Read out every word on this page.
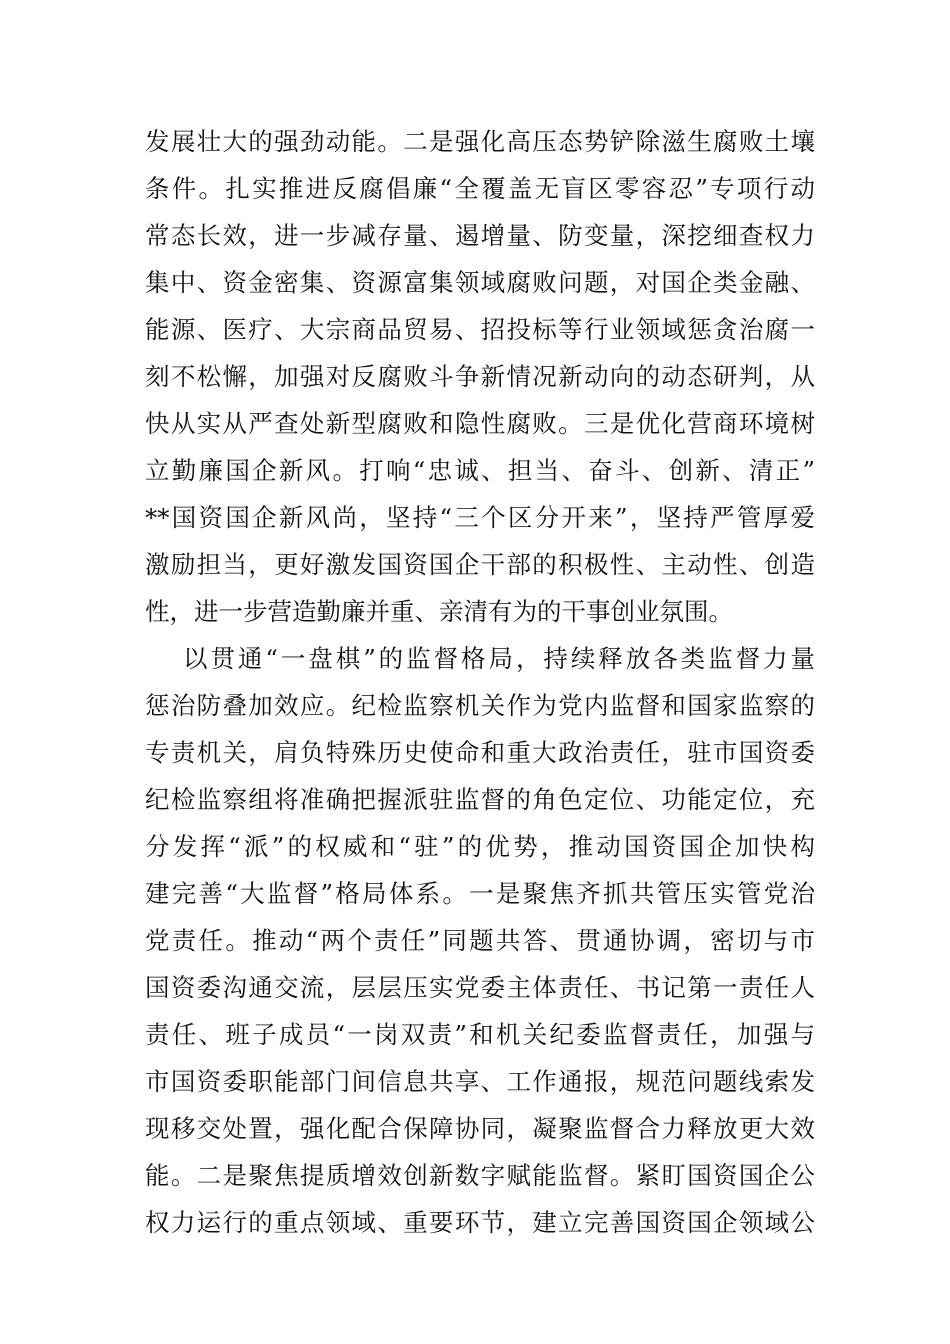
发展壮大的强劲动能。二是强化高压态势铲除滋生腐败土壤
条件。扎实推进反腐倡廉“全覆盖无盲区零容忍”专项行动
常态长效，进一步减存量、遏增量、防变量，深挖细查权力
集中、资金密集、资源富集领域腐败问题，对国企类金融、
能源、医疗、大宗商品贸易、招投标等行业领域惩贪治腐一
刻不松懈，加强对反腐败斗争新情况新动向的动态研判，从
快从实从严查处新型腐败和隐性腐败。三是优化营商环境树
立勤廉国企新风。打响“忠诚、担当、奋斗、创新、清正”
**国资国企新风尚，坚持“三个区分开来”，坚持严管厚爱
激励担当，更好激发国资国企干部的积极性、主动性、创造
性，进一步营造勤廉并重、亲清有为的干事创业氛围。
以贯通“一盘棋”的监督格局，持续释放各类监督力量
惩治防叠加效应。纪检监察机关作为党内监督和国家监察的
专责机关，肩负特殊历史使命和重大政治责任，驻市国资委
纪检监察组将准确把握派驻监督的角色定位、功能定位，充
分发挥“派”的权威和“驻”的优势，推动国资国企加快构
建完善“大监督”格局体系。一是聚焦齐抓共管压实管党治
党责任。推动“两个责任”同题共答、贯通协调，密切与市
国资委沟通交流，层层压实党委主体责任、书记第一责任人
责任、班子成员“一岗双责”和机关纪委监督责任，加强与
市国资委职能部门间信息共享、工作通报，规范问题线索发
现移交处置，强化配合保障协同，凝聚监督合力释放更大效
能。二是聚焦提质增效创新数字赋能监督。紧盯国资国企公
权力运行的重点领域、重要环节，建立完善国资国企领域公
